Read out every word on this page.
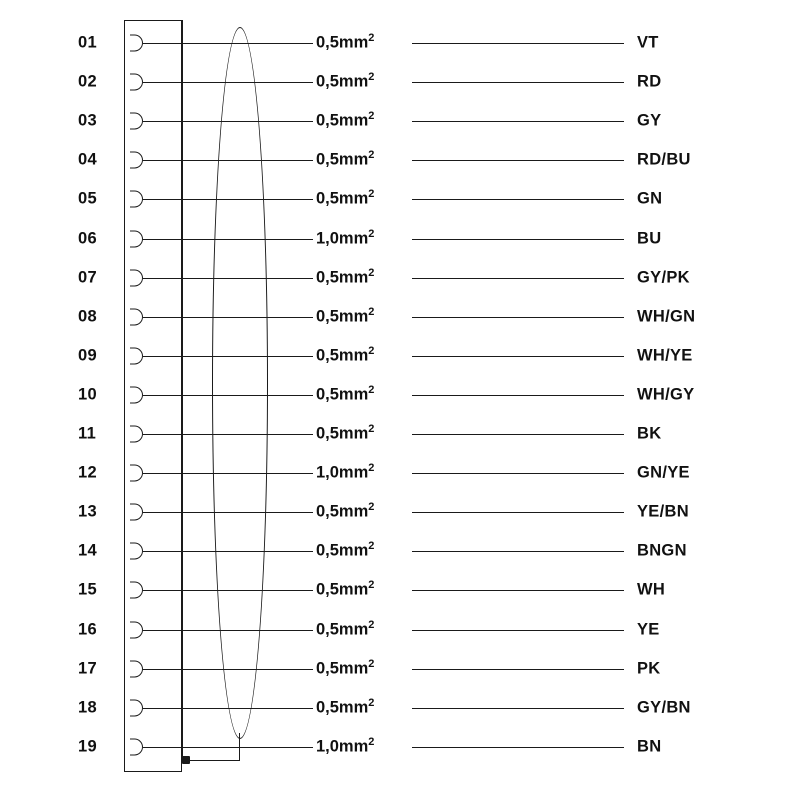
01	$0,5mm^2$	VT
02	$0,5mm^2$	RD
03	$0,5mm^2$	GY
04	$0,5mm^2$	RD/BU
05	$0,5mm^2$	GN
06	$1,0mm^2$	BU
07	$0,5mm^2$	GY/PK
08	$0,5mm^2$	WH/GN
09	$0,5mm^2$	WH/YE
10	$0,5mm^2$	WH/GY
11	$0,5mm^2$	BK
12	$1,0mm^2$	GN/YE
13	$0,5mm^2$	YE/BN
14	$0,5mm^2$	BNGN
15	$0,5mm^2$	WH
16	$0,5mm^2$	YE
17	$0,5mm^2$	PK
18	$0,5mm^2$	GY/BN
19	$1,0mm^2$	BN
